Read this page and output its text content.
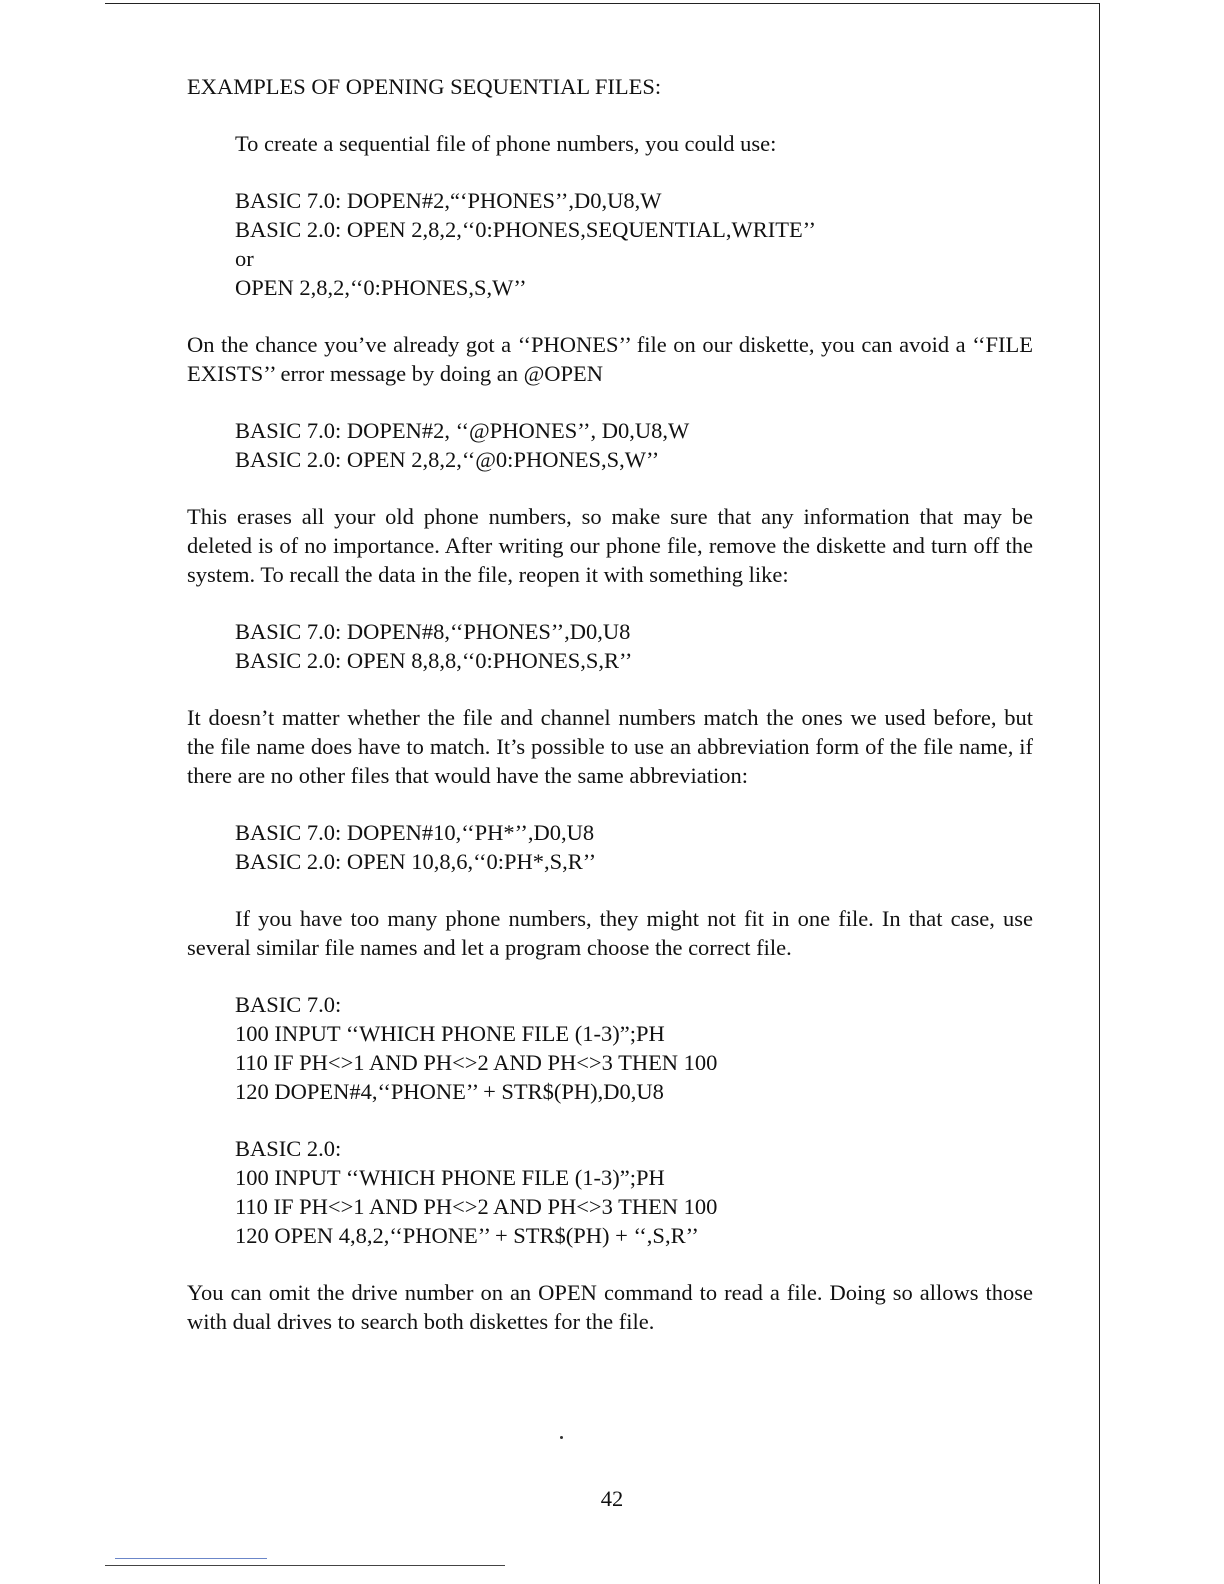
EXAMPLES OF OPENING SEQUENTIAL FILES:

To create a sequential file of phone numbers, you could use:
BASIC 7.0: DOPEN#2,“‘PHONES’’,D0,U8,W
BASIC 2.0: OPEN 2,8,2,‘‘0:PHONES,SEQUENTIAL,WRITE’’
or
OPEN 2,8,2,‘‘0:PHONES,S,W’’

On the chance you’ve already got a ‘‘PHONES’’ file on our diskette, you can avoid a ‘‘FILE EXISTS’’ error message by doing an @OPEN

BASIC 7.0: DOPEN#2, ‘‘@PHONES’’, D0,U8,W
BASIC 2.0: OPEN 2,8,2,‘‘@0:PHONES,S,W’’

This erases all your old phone numbers, so make sure that any information that may be deleted is of no importance. After writing our phone file, remove the diskette and turn off the system. To recall the data in the file, reopen it with something like:

BASIC 7.0: DOPEN#8,‘‘PHONES’’,D0,U8
BASIC 2.0: OPEN 8,8,8,‘‘0:PHONES,S,R’’

It doesn’t matter whether the file and channel numbers match the ones we used before, but the file name does have to match. It’s possible to use an abbreviation form of the file name, if there are no other files that would have the same abbreviation:

BASIC 7.0: DOPEN#10,‘‘PH*’’,D0,U8
BASIC 2.0: OPEN 10,8,6,‘‘0:PH*,S,R’’

If you have too many phone numbers, they might not fit in one file. In that case, use several similar file names and let a program choose the correct file.

BASIC 7.0:
100 INPUT ‘‘WHICH PHONE FILE (1-3)”;PH
110 IF PH<>1 AND PH<>2 AND PH<>3 THEN 100
120 DOPEN#4,‘‘PHONE’’ + STR$(PH),D0,U8
BASIC 2.0:
100 INPUT ‘‘WHICH PHONE FILE (1-3)”;PH
110 IF PH<>1 AND PH<>2 AND PH<>3 THEN 100
120 OPEN 4,8,2,‘‘PHONE’’ + STR$(PH) + ‘‘,S,R’’

You can omit the drive number on an OPEN command to read a file. Doing so allows those with dual drives to search both diskettes for the file.

42
